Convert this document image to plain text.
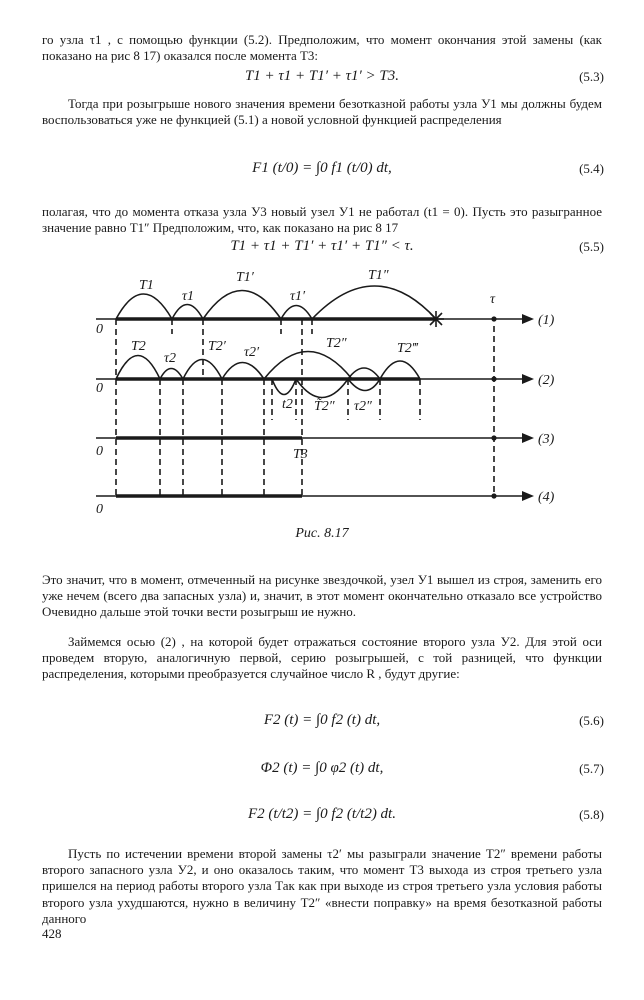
го узла τ1 , с помощью функции (5.2). Предположим, что момент окончания этой замены (как показано на рис 8 17) оказался после момента T3:
T1 + τ1 + T1′ + τ1′ > T3.	(5.3)
Тогда при розыгрыше нового значения времени безотказной работы узла У1 мы должны будем воспользоваться уже не функцией (5.1) а новой условной функцией распределения
F1 (t/0) = ∫0 f1 (t/0) dt,	(5.4)
полагая, что до момента отказа узла У3 новый узел У1 не работал (t1 = 0). Пусть это разыгранное значение равно T1″ Предположим, что, как показано на рис 8 17
T1 + τ1 + T1′ + τ1′ + T1″ < τ.	(5.5)
0
0
0
0
(1)
(2)
(3)
(4)
τ
T1
τ1
T1′
τ1′
T1″
T2
τ2
T2′ τ2′
T2″	T2‴
t2 T̃2″ τ2″
T3
Рис. 8.17
Это значит, что в момент, отмеченный на рисунке звездочкой, узел У1 вышел из строя, заменить его уже нечем (всего два запасных узла) и, значит, в этот момент окончательно отказало все устройство Очевидно дальше этой точки вести розыгрыш ие нужно.
Займемся осью (2) , на которой будет отражаться состояние второго узла У2. Для этой оси проведем вторую, аналогичную первой, серию розыгрышей, с той разницей, что функции распределения, которыми преобразуется случайное число R , будут другие:
F2 (t) = ∫0 f2 (t) dt,	(5.6)
Φ2 (t) = ∫0 φ2 (t) dt,	(5.7)
F2 (t/t2) = ∫0 f2 (t/t2) dt.	(5.8)
Пусть по истечении времени второй замены τ2′ мы разыграли значение T2″ времени работы второго запасного узла У2, и оно оказалось таким, что момент T3 выхода из строя третьего узла пришелся на период работы второго узла Так как при выходе из строя третьего узла условия работы второго узла ухудшаются, нужно в величину T2″ «внести поправку» на время безотказной работы данного
428
